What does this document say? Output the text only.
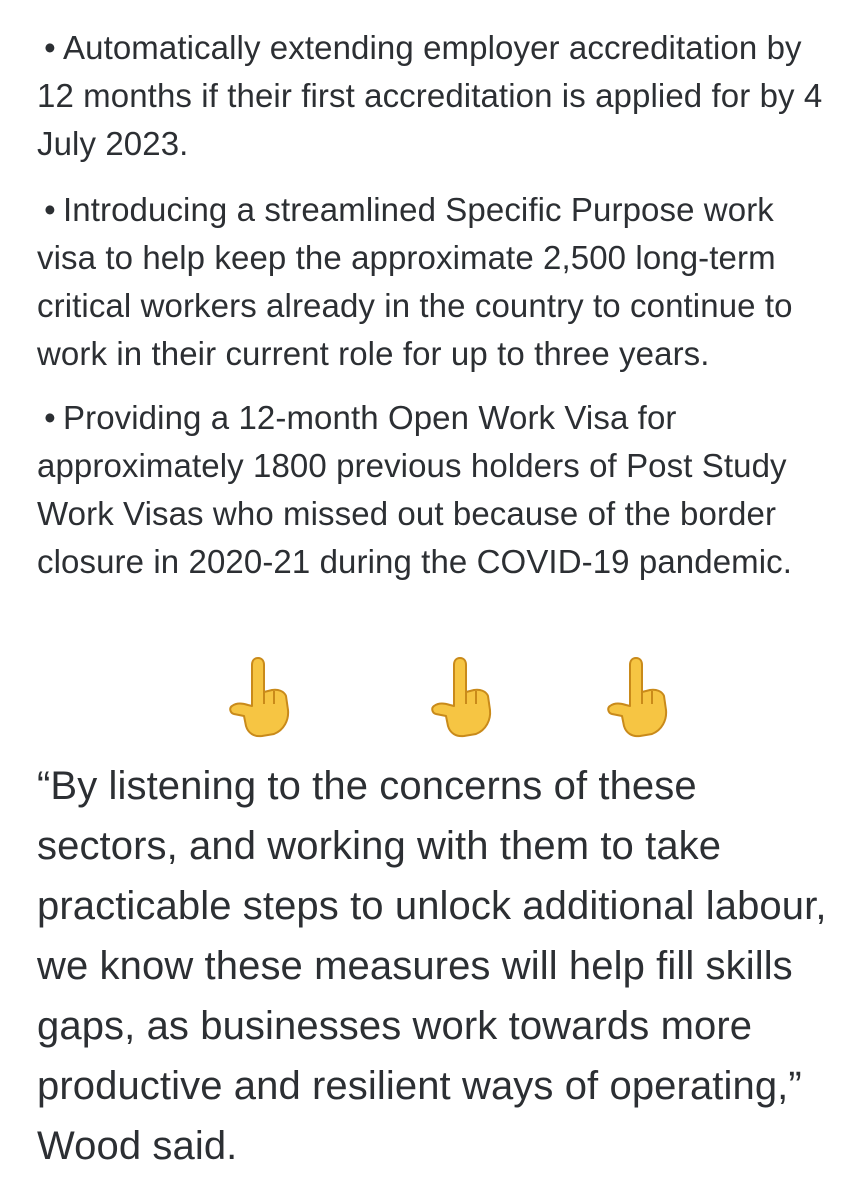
• Automatically extending employer accreditation by 12 months if their first accreditation is applied for by 4 July 2023.

• Introducing a streamlined Specific Purpose work visa to help keep the approximate 2,500 long-term critical workers already in the country to continue to work in their current role for up to three years.

• Providing a 12-month Open Work Visa for approximately 1800 previous holders of Post Study Work Visas who missed out because of the border closure in 2020-21 during the COVID-19 pandemic.

“By listening to the concerns of these sectors, and working with them to take practicable steps to unlock additional labour, we know these measures will help fill skills gaps, as businesses work towards more productive and resilient ways of operating,” Wood said.
